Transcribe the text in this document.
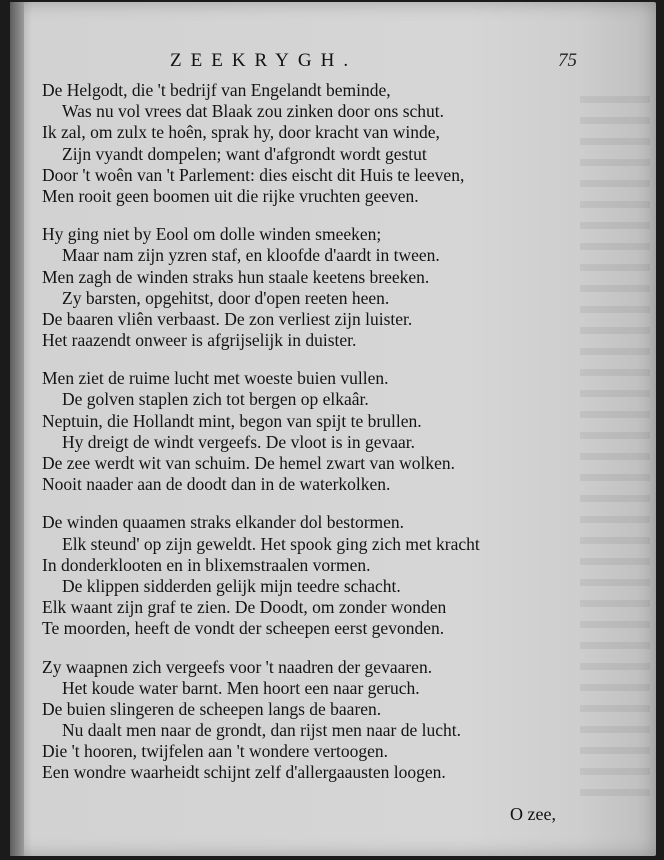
ZEEKRYGH.	75
De Helgodt, die 't bedrijf van Engelandt beminde,
Was nu vol vrees dat Blaak zou zinken door ons schut.
Ik zal, om zulx te hoên, sprak hy, door kracht van winde,
Zijn vyandt dompelen; want d'afgrondt wordt gestut
Door 't woên van 't Parlement: dies eischt dit Huis te leeven,
Men rooit geen boomen uit die rijke vruchten geeven.
Hy ging niet by Eool om dolle winden smeeken;
Maar nam zijn yzren staf, en kloofde d'aardt in tween.
Men zagh de winden straks hun staale keetens breeken.
Zy barsten, opgehitst, door d'open reeten heen.
De baaren vliên verbaast. De zon verliest zijn luister.
Het raazendt onweer is afgrijselijk in duister.
Men ziet de ruime lucht met woeste buien vullen.
De golven staplen zich tot bergen op elkaâr.
Neptuin, die Hollandt mint, begon van spijt te brullen.
Hy dreigt de windt vergeefs. De vloot is in gevaar.
De zee werdt wit van schuim. De hemel zwart van wolken.
Nooit naader aan de doodt dan in de waterkolken.
De winden quaamen straks elkander dol bestormen.
Elk steund' op zijn geweldt. Het spook ging zich met kracht
In donderklooten en in blixemstraalen vormen.
De klippen sidderden gelijk mijn teedre schacht.
Elk waant zijn graf te zien. De Doodt, om zonder wonden
Te moorden, heeft de vondt der scheepen eerst gevonden.
Zy waapnen zich vergeefs voor 't naadren der gevaaren.
Het koude water barnt. Men hoort een naar geruch.
De buien slingeren de scheepen langs de baaren.
Nu daalt men naar de grondt, dan rijst men naar de lucht.
Die 't hooren, twijfelen aan 't wondere vertoogen.
Een wondre waarheidt schijnt zelf d'allergaausten loogen.
O zee,
